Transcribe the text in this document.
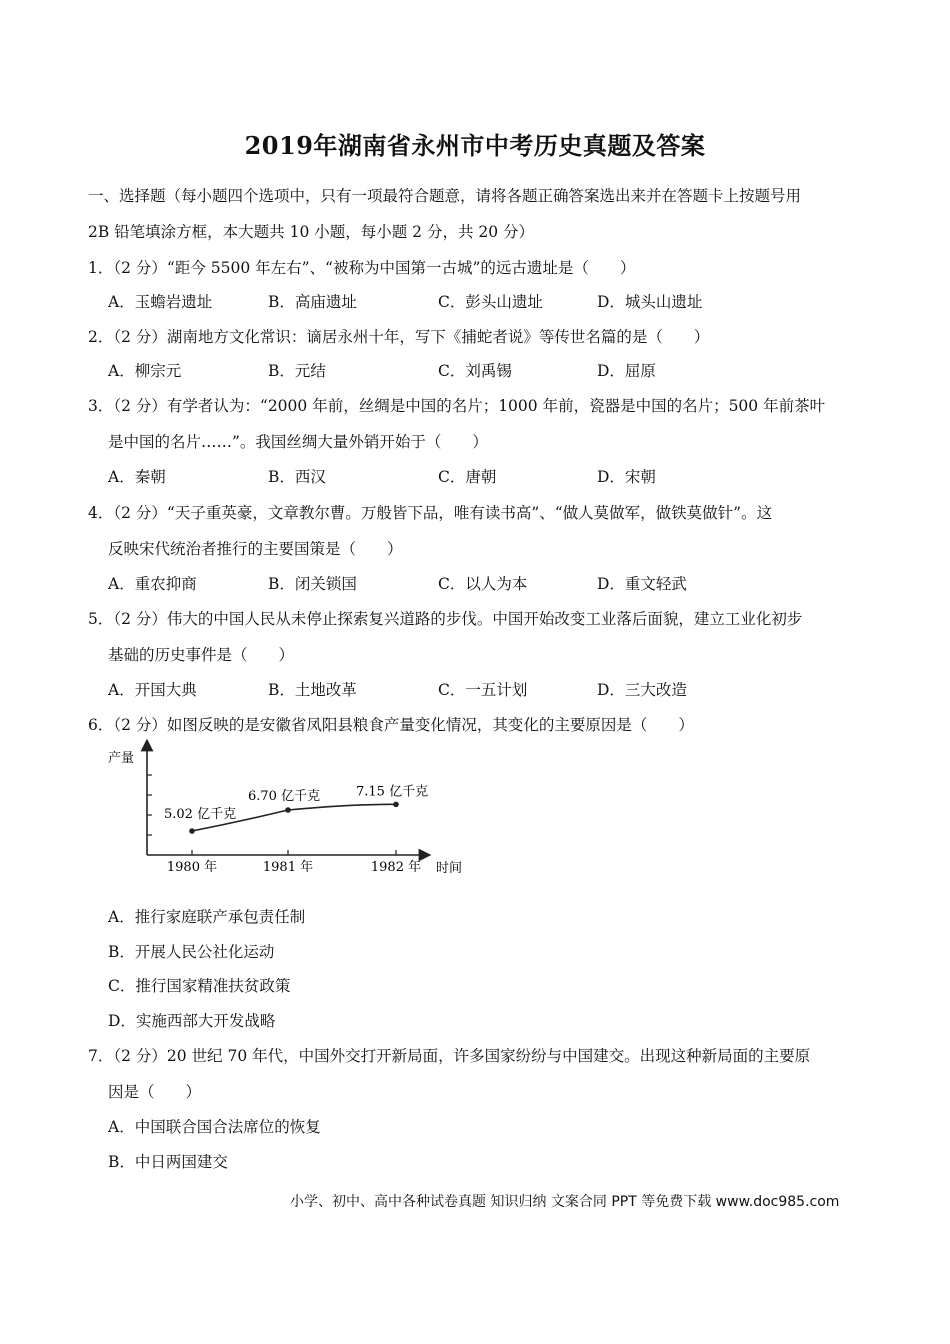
2019年湖南省永州市中考历史真题及答案
一、选择题（每小题四个选项中，只有一项最符合题意，请将各题正确答案选出来并在答题卡上按题号用
2B 铅笔填涂方框，本大题共 10 小题，每小题 2 分，共 20 分）
1．（2 分）“距今 5500 年左右”、“被称为中国第一古城”的远古遗址是（　　）
A．玉蟾岩遗址	B．高庙遗址	C．彭头山遗址	D．城头山遗址
2．（2 分）湖南地方文化常识：谪居永州十年，写下《捕蛇者说》等传世名篇的是（　　）
A．柳宗元	B．元结	C．刘禹锡	D．屈原
3．（2 分）有学者认为：“2000 年前，丝绸是中国的名片；1000 年前，瓷器是中国的名片；500 年前茶叶
是中国的名片……”。我国丝绸大量外销开始于（　　）
A．秦朝	B．西汉	C．唐朝	D．宋朝
4．（2 分）“天子重英豪，文章教尔曹。万般皆下品，唯有读书高”、“做人莫做军，做铁莫做针”。这
反映宋代统治者推行的主要国策是（　　）
A．重农抑商	B．闭关锁国	C．以人为本	D．重文轻武
5．（2 分）伟大的中国人民从未停止探索复兴道路的步伐。中国开始改变工业落后面貌，建立工业化初步
基础的历史事件是（　　）
A．开国大典	B．土地改革	C．一五计划	D．三大改造
6．（2 分）如图反映的是安徽省凤阳县粮食产量变化情况，其变化的主要原因是（　　）
1980 年	1981 年	1982 年
5.02 亿千克
6.70 亿千克	7.15 亿千克
产量
时间
A．推行家庭联产承包责任制
B．开展人民公社化运动
C．推行国家精准扶贫政策
D．实施西部大开发战略
7．（2 分）20 世纪 70 年代，中国外交打开新局面，许多国家纷纷与中国建交。出现这种新局面的主要原
因是（　　）
A．中国联合国合法席位的恢复
B．中日两国建交
小学、初中、高中各种试卷真题 知识归纳 文案合同 PPT 等免费下载 www.doc985.com
